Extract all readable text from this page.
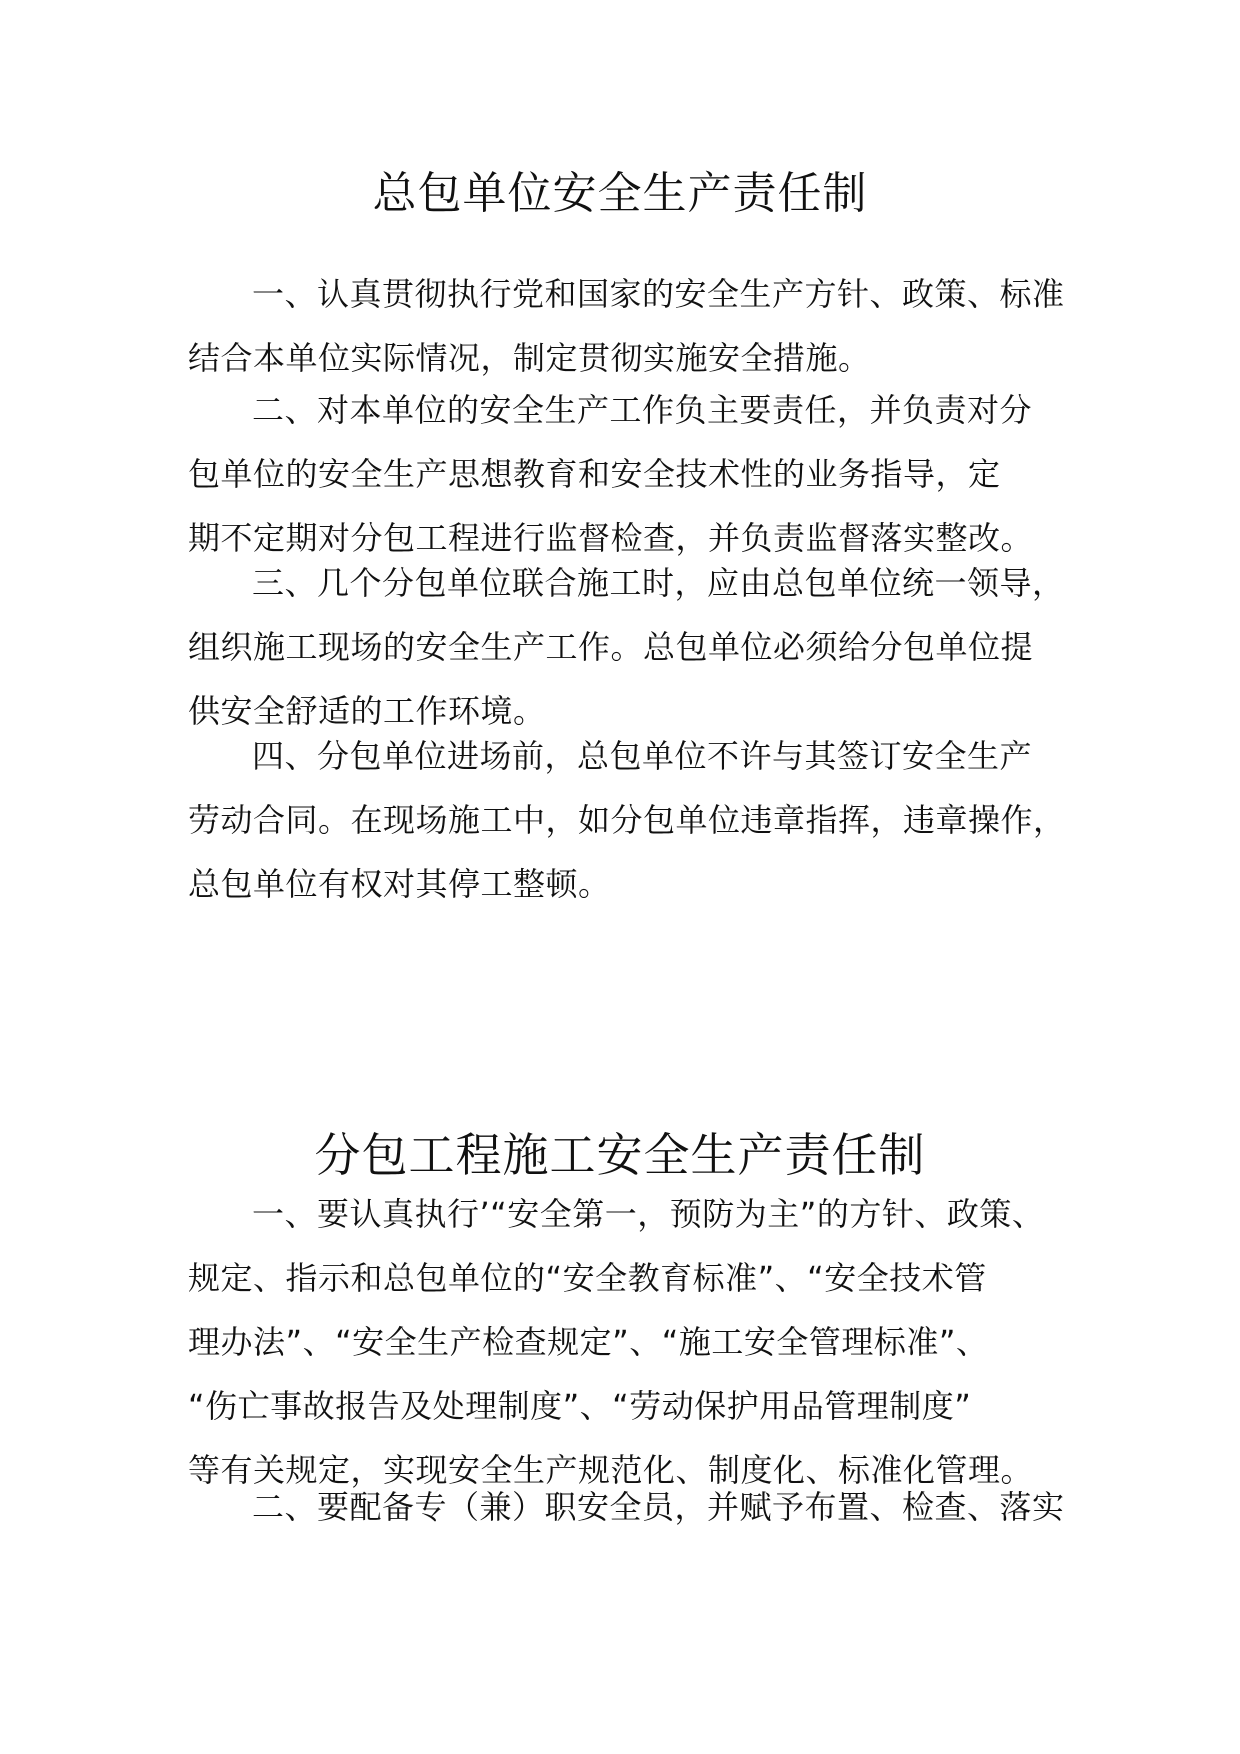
总包单位安全生产责任制
一、认真贯彻执行党和国家的安全生产方针、政策、标准
结合本单位实际情况，制定贯彻实施安全措施。
二、对本单位的安全生产工作负主要责任，并负责对分
包单位的安全生产思想教育和安全技术性的业务指导，定
期不定期对分包工程进行监督检查，并负责监督落实整改。
三、几个分包单位联合施工时，应由总包单位统一领导，
组织施工现场的安全生产工作。总包单位必须给分包单位提
供安全舒适的工作环境。
四、分包单位进场前，总包单位不许与其签订安全生产
劳动合同。在现场施工中，如分包单位违章指挥，违章操作，
总包单位有权对其停工整顿。
分包工程施工安全生产责任制
一、要认真执行’“安全第一，预防为主”的方针、政策、
规定、指示和总包单位的“安全教育标准”、“安全技术管
理办法”、“安全生产检查规定”、“施工安全管理标准”、
“伤亡事故报告及处理制度”、“劳动保护用品管理制度”
等有关规定，实现安全生产规范化、制度化、标准化管理。
二、要配备专（兼）职安全员，并赋予布置、检查、落实
